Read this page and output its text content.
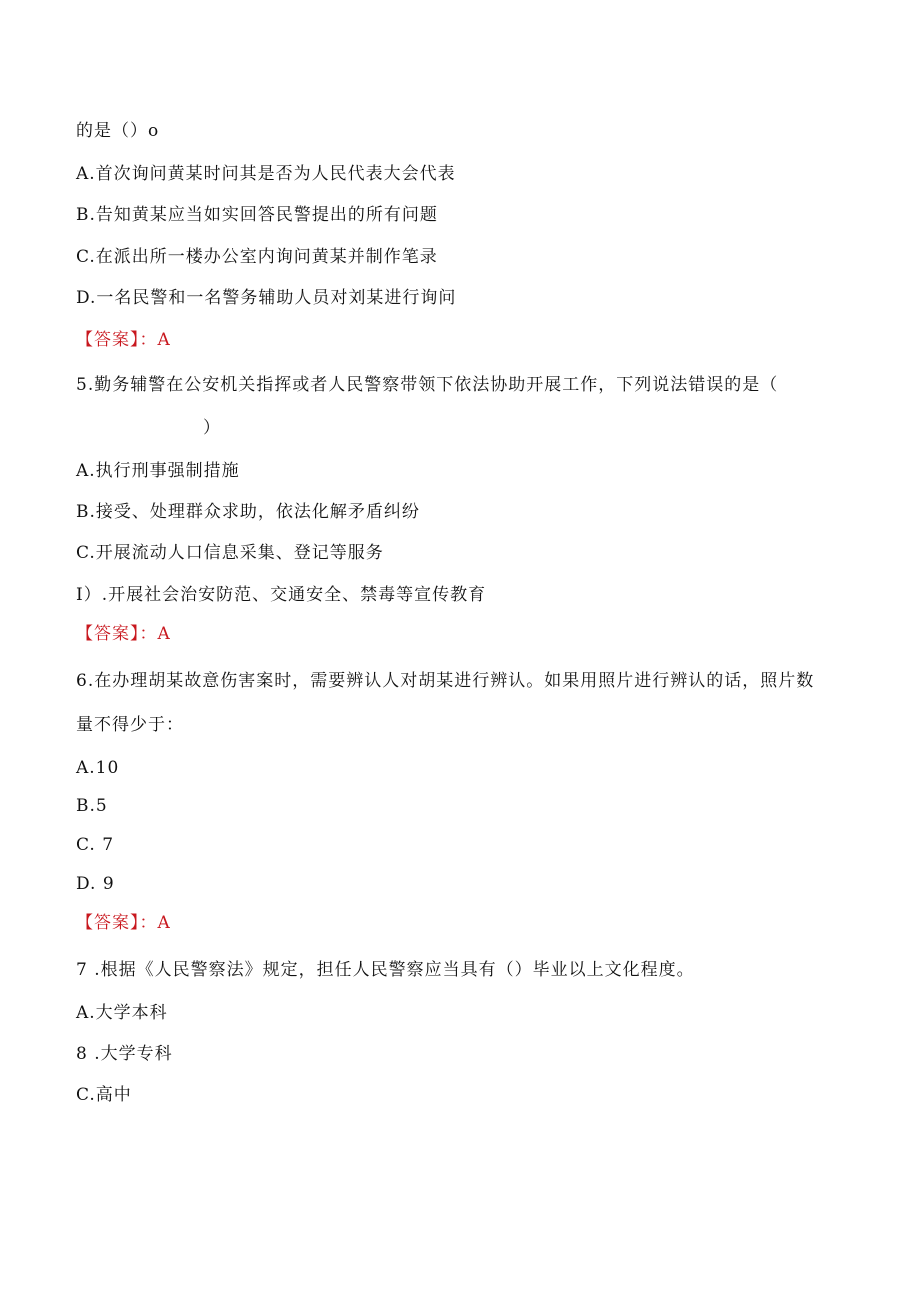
的是（）o
A.首次询问黄某时问其是否为人民代表大会代表
B.告知黄某应当如实回答民警提出的所有问题
C.在派出所一楼办公室内询问黄某并制作笔录
D.一名民警和一名警务辅助人员对刘某进行询问
【答案】：A
5.勤务辅警在公安机关指挥或者人民警察带领下依法协助开展工作，下列说法错误的是（
）
A.执行刑事强制措施
B.接受、处理群众求助，依法化解矛盾纠纷
C.开展流动人口信息采集、登记等服务
I）.开展社会治安防范、交通安全、禁毒等宣传教育
【答案】：A
6.在办理胡某故意伤害案时，需要辨认人对胡某进行辨认。如果用照片进行辨认的话，照片数
量不得少于：
A.10
B.5
C. 7
D. 9
【答案】：A
7 .根据《人民警察法》规定，担任人民警察应当具有（）毕业以上文化程度。
A.大学本科
8 .大学专科
C.高中
